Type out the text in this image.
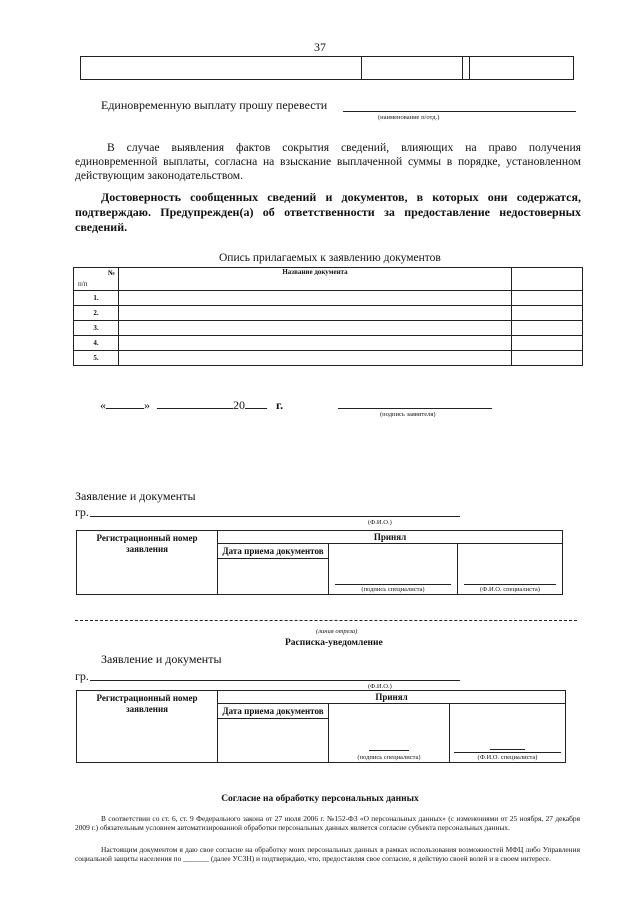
37

Единовременную выплату прошу перевести
(наименование п/отд.)
В случае выявления фактов сокрытия сведений, влияющих на право получения единовременной выплаты, согласна на взыскание выплаченной суммы в порядке, установленном действующим законодательством.
Достоверность сообщенных сведений и документов, в которых они содержатся, подтверждаю. Предупрежден(а) об ответственности за предоставление недостоверных сведений.
Опись прилагаемых к заявлению документов
№
п/п	Название документа	
1.		
2.		
3.		
4.		
5.		
«	»	20	г.
(подпись заявителя)
Заявление и документы
гр.
(Ф.И.О.)
Регистрационный номер заявления	Принял		

	Дата приема документов	(подпись специалиста)	(Ф.И.О. специалиста)
(линия отреза)
Расписка-уведомление
Заявление и документы
гр.
(Ф.И.О.)
Регистрационный номер заявления	Принял		

	Дата приема документов	(подпись специалиста)	(Ф.И.О. специалиста)
Согласие на обработку персональных данных
В соответствии со ст. 6, ст. 9 Федерального закона от 27 июля 2006 г. №152-ФЗ «О персональных данных» (с изменениями от 25 ноября, 27 декабря 2009 г.) обязательным условием автоматизированной обработки персональных данных является согласие субъекта персональных данных.
Настоящим документом я даю свое согласие на обработку моих персональных данных в рамках использования возможностей МФЦ либо Управления социальной защиты населения по _______ (далее УСЗН) и подтверждаю, что, предоставляя свое согласие, я действую своей волей и в своем интересе.
